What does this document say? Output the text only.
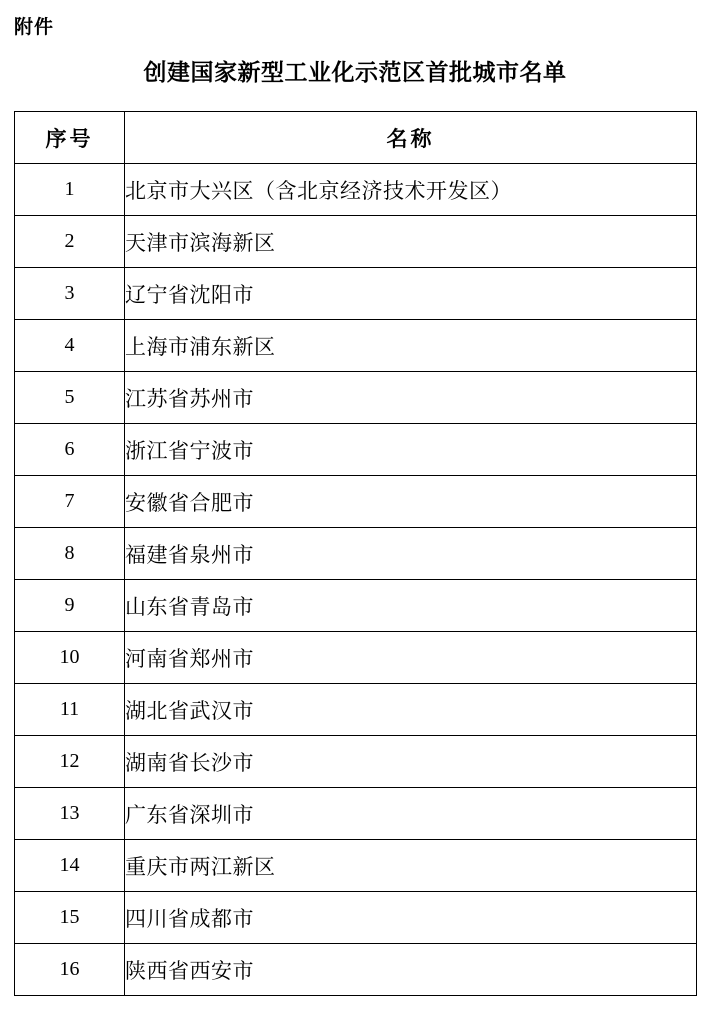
附件
创建国家新型工业化示范区首批城市名单
序号	名称
1	北京市大兴区（含北京经济技术开发区）
2	天津市滨海新区
3	辽宁省沈阳市
4	上海市浦东新区
5	江苏省苏州市
6	浙江省宁波市
7	安徽省合肥市
8	福建省泉州市
9	山东省青岛市
10	河南省郑州市
11	湖北省武汉市
12	湖南省长沙市
13	广东省深圳市
14	重庆市两江新区
15	四川省成都市
16	陕西省西安市
